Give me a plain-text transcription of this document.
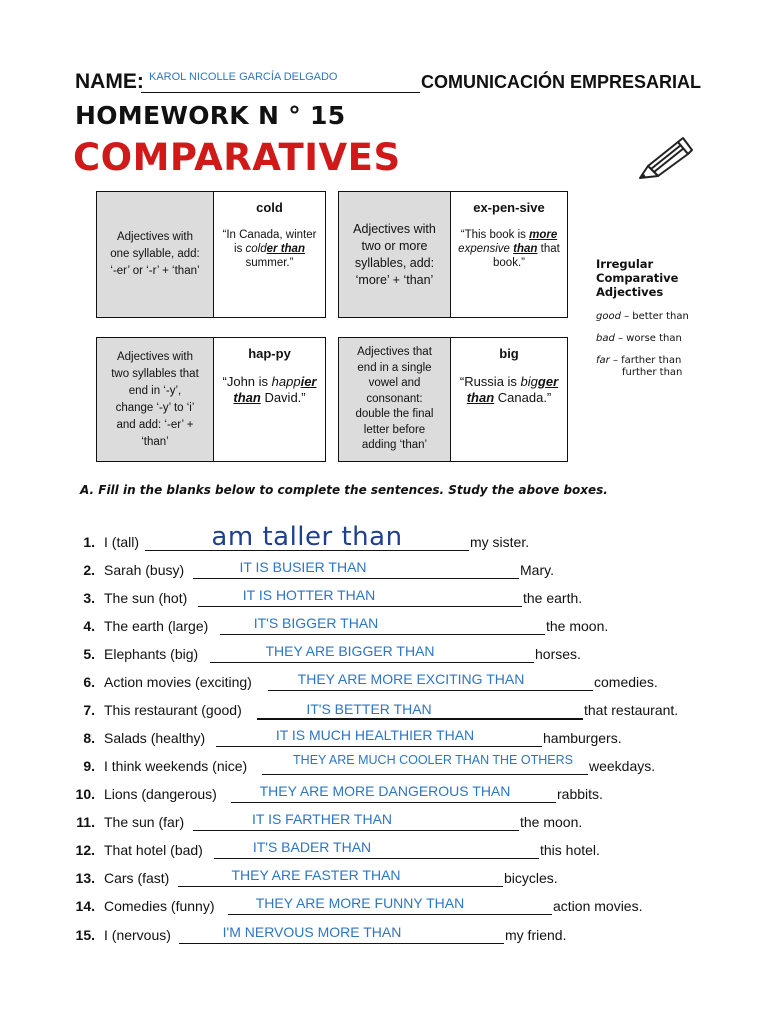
NAME: KAROL NICOLLE GARCÍA DELGADO	COMUNICACIÓN EMPRESARIAL
HOMEWORK N ° 15
COMPARATIVES
Adjectives with
one syllable, add:
‘-er’ or ‘-r’ + ‘than’
cold
“In Canada, winter is colder than summer.”
Adjectives with
two or more
syllables, add:
‘more’ + ‘than’
ex-pen-sive
“This book is more expensive than that book.”
Adjectives with
two syllables that
end in ‘-y’,
change ‘-y’ to ‘i’
and add: ‘-er’ +
‘than’
hap-py
“John is happier than David.”
Adjectives that
end in a single
vowel and
consonant:
double the final
letter before
adding ‘than’
big
“Russia is bigger than Canada.”
Irregular Comparative Adjectives
good – better than
bad – worse than
far – farther than
further than
A. Fill in the blanks below to complete the sentences. Study the above boxes.
1. I (tall)	am taller than	my sister.
2. Sarah (busy)	IT IS BUSIER THAN	Mary.
3. The sun (hot)	IT IS HOTTER THAN	the earth.
4. The earth (large)	IT'S BIGGER THAN	the moon.
5. Elephants (big)	THEY ARE BIGGER THAN	horses.
6. Action movies (exciting)	THEY ARE MORE EXCITING THAN	comedies.
7. This restaurant (good)	IT'S BETTER THAN	that restaurant.
8. Salads (healthy)	IT IS MUCH HEALTHIER THAN	hamburgers.
9. I think weekends (nice)	THEY ARE MUCH COOLER THAN THE OTHERS	weekdays.
10. Lions (dangerous)	THEY ARE MORE DANGEROUS THAN	rabbits.
11. The sun (far)	IT IS FARTHER THAN	the moon.
12. That hotel (bad)	IT'S BADER THAN	this hotel.
13. Cars (fast)	THEY ARE FASTER THAN	bicycles.
14. Comedies (funny)	THEY ARE MORE FUNNY THAN	action movies.
15. I (nervous)	I'M NERVOUS MORE THAN	my friend.
